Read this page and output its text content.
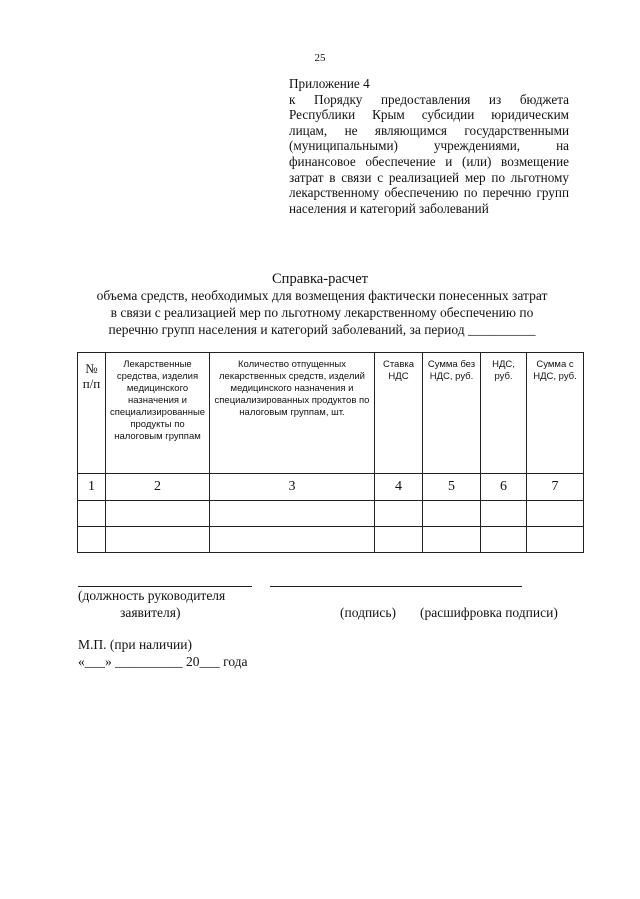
25
Приложение 4
к Порядку предоставления из бюджета Республики Крым субсидии юридическим лицам, не являющимся государственными (муниципальными) учреждениями, на финансовое обеспечение и (или) возмещение затрат в связи с реализацией мер по льготному лекарственному обеспечению по перечню групп населения и категорий заболеваний
Справка-расчет
объема средств, необходимых для возмещения фактически понесенных затрат
в связи с реализацией мер по льготному лекарственному обеспечению по
перечню групп населения и категорий заболеваний, за период __________
№ п/п	Лекарственные средства, изделия медицинского назначения и специализированные продукты по налоговым группам	Количество отпущенных лекарственных средств, изделий медицинского назначения и специализированных продуктов по налоговым группам, шт.	Ставка НДС	Сумма без НДС, руб.	НДС, руб.	Сумма с НДС, руб.
1	2	3	4	5	6	7

(должность руководителя
заявителя)	(подпись) (расшифровка подписи)
М.П. (при наличии)
«___» __________ 20___ года
